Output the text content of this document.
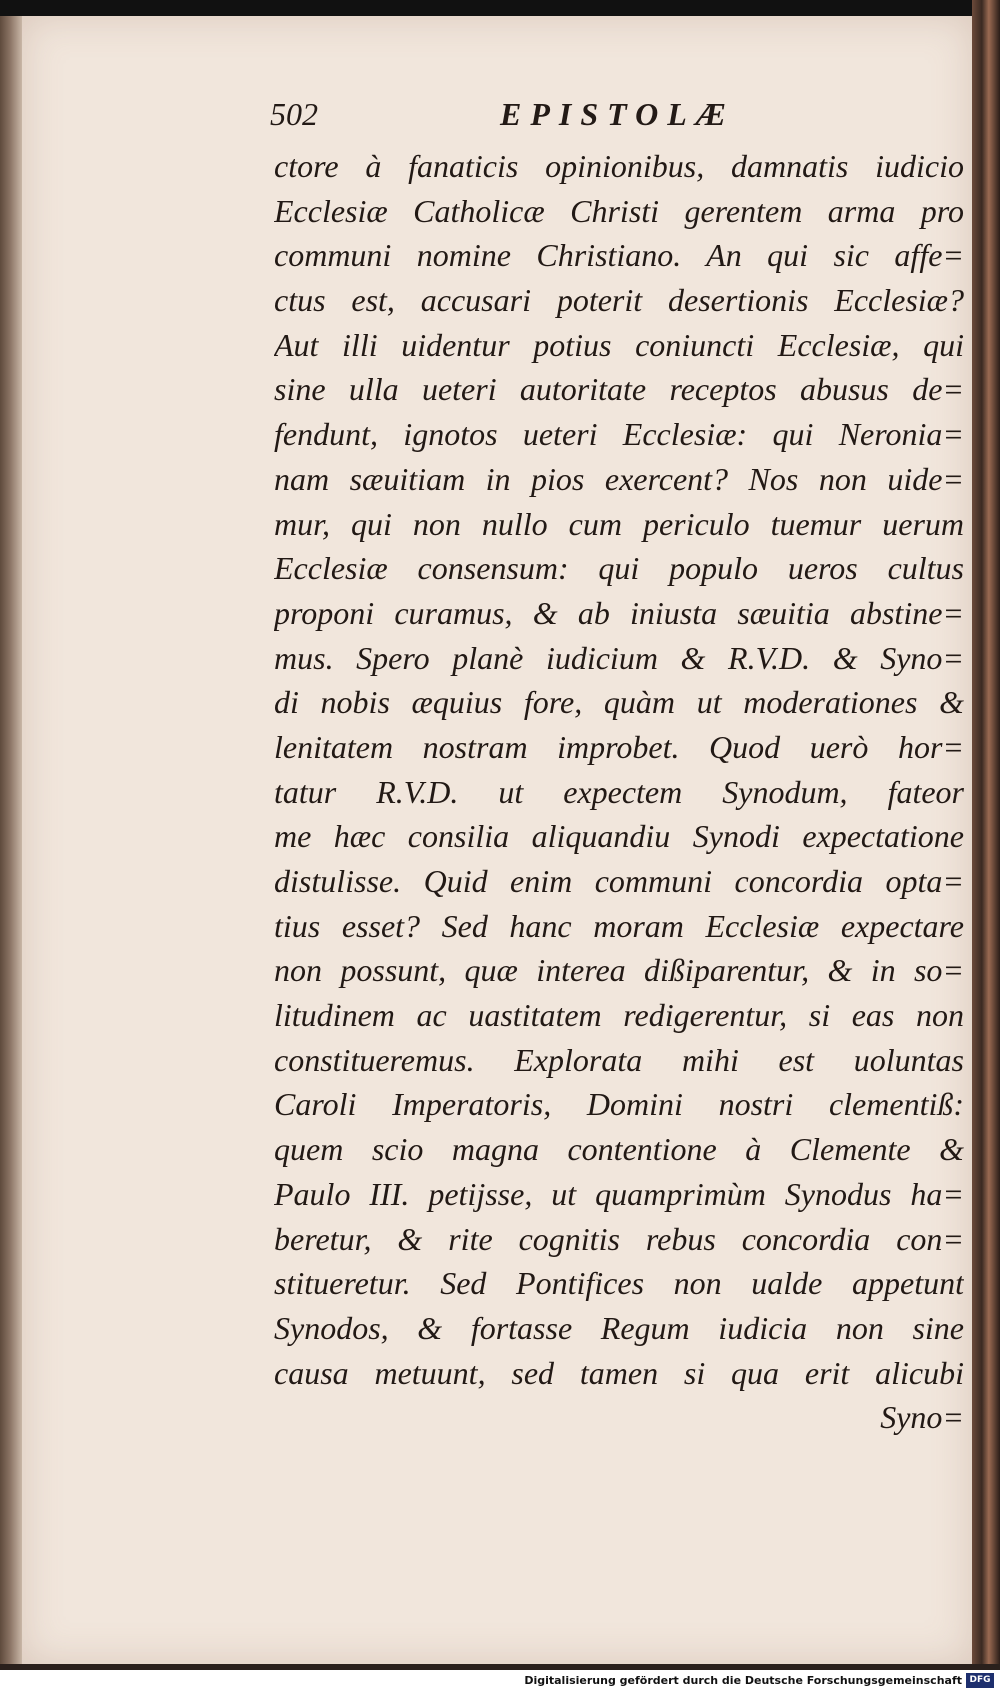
502	EPISTOLÆ
ctore à fanaticis opinionibus, damnatis iudicio
Ecclesiæ Catholicæ Christi gerentem arma pro
communi nomine Christiano. An qui sic affe=
ctus est, accusari poterit desertionis Ecclesiæ?
Aut illi uidentur potius coniuncti Ecclesiæ, qui
sine ulla ueteri autoritate receptos abusus de=
fendunt, ignotos ueteri Ecclesiæ: qui Neronia=
nam sæuitiam in pios exercent? Nos non uide=
mur, qui non nullo cum periculo tuemur uerum
Ecclesiæ consensum: qui populo ueros cultus
proponi curamus, & ab iniusta sæuitia abstine=
mus. Spero planè iudicium & R.V.D. & Syno=
di nobis æquius fore, quàm ut moderationes &
lenitatem nostram improbet. Quod uerò hor=
tatur R.V.D. ut expectem Synodum, fateor
me hæc consilia aliquandiu Synodi expectatione
distulisse. Quid enim communi concordia opta=
tius esset? Sed hanc moram Ecclesiæ expectare
non possunt, quæ interea dißiparentur, & in so=
litudinem ac uastitatem redigerentur, si eas non
constitueremus. Explorata mihi est uoluntas
Caroli Imperatoris, Domini nostri clementiß:
quem scio magna contentione à Clemente &
Paulo III. petijsse, ut quamprimùm Synodus ha=
beretur, & rite cognitis rebus concordia con=
stitueretur. Sed Pontifices non ualde appetunt
Synodos, & fortasse Regum iudicia non sine
causa metuunt, sed tamen si qua erit alicubi
Syno=
Digitalisierung gefördert durch die Deutsche Forschungsgemeinschaft DFG
